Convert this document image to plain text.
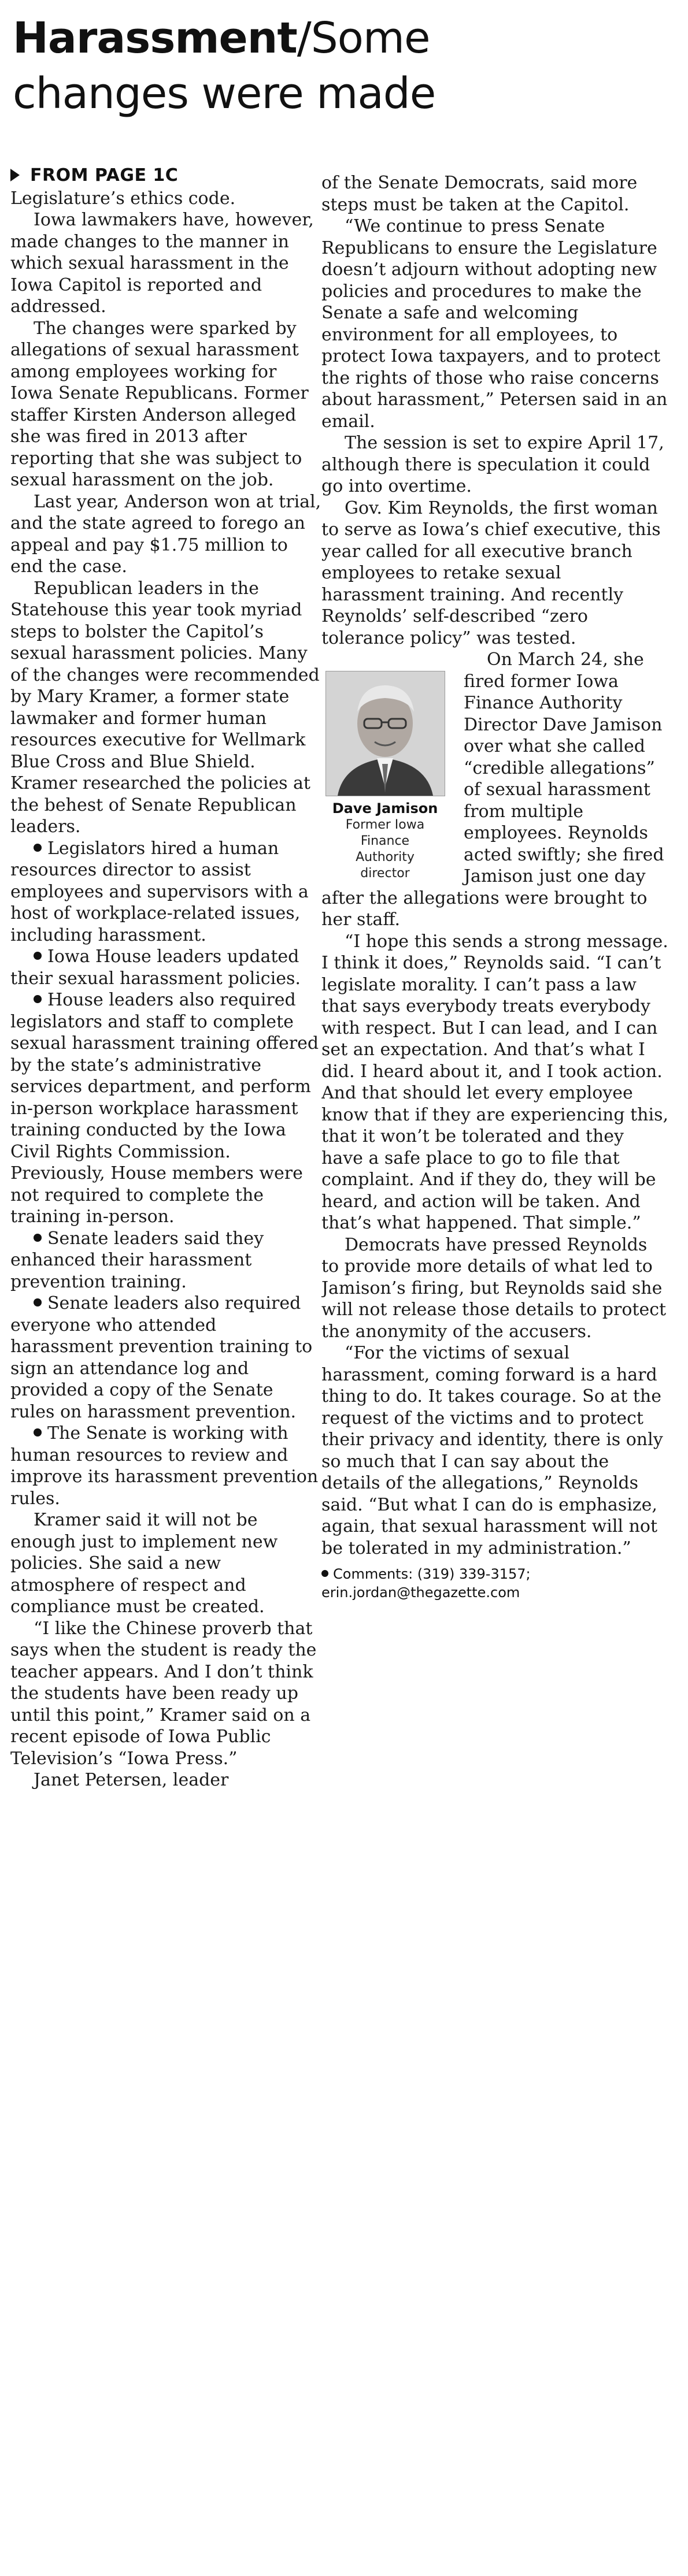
Harassment/Some
changes were made
FROM PAGE 1C

Legislature’s ethics code.

Iowa lawmakers have, however, made changes to the manner in which sexual harassment in the Iowa Capitol is reported and addressed.

The changes were sparked by allegations of sexual harassment among employees working for Iowa Senate Republicans. Former staffer Kirsten Anderson alleged she was fired in 2013 after reporting that she was subject to sexual harassment on the job.

Last year, Anderson won at trial, and the state agreed to forego an appeal and pay $1.75 million to end the case.

Republican leaders in the Statehouse this year took myriad steps to bolster the Capitol’s sexual harassment policies. Many of the changes were recommended by Mary Kramer, a former state lawmaker and former human resources executive for Wellmark Blue Cross and Blue Shield. Kramer researched the policies at the behest of Senate Republican leaders.

Legislators hired a human resources director to assist employees and supervisors with a host of workplace-related issues, including harassment.

Iowa House leaders updated their sexual harassment policies.

House leaders also required legislators and staff to complete sexual harassment training offered by the state’s administrative services department, and perform in-person workplace harassment training conducted by the Iowa Civil Rights Commission. Previously, House members were not required to complete the training in-person.

Senate leaders said they enhanced their harassment prevention training.

Senate leaders also required everyone who attended harassment prevention training to sign an attendance log and provided a copy of the Senate rules on harassment prevention.

The Senate is working with human resources to review and improve its harassment prevention rules.

Kramer said it will not be enough just to implement new policies. She said a new atmosphere of respect and compliance must be created.

“I like the Chinese proverb that says when the student is ready the teacher appears. And I don’t think the students have been ready up until this point,” Kramer said on a recent episode of Iowa Public Television’s “Iowa Press.”

Janet Petersen, leader

of the Senate Democrats, said more steps must be taken at the Capitol.

“We continue to press Senate Republicans to ensure the Legislature doesn’t adjourn without adopting new policies and procedures to make the Senate a safe and welcoming environment for all employees, to protect Iowa taxpayers, and to protect the rights of those who raise concerns about harassment,” Petersen said in an email.

The session is set to expire April 17, although there is speculation it could go into overtime.

Gov. Kim Reynolds, the first woman to serve as Iowa’s chief executive, this year called for all executive branch employees to retake sexual harassment training. And recently Reynolds’ self-described “zero tolerance policy” was tested.

Dave Jamison
Former Iowa
Finance
Authority
director

On March 24, she fired former Iowa Finance Authority Director Dave Jamison over what she called “credible allegations” of sexual harassment from multiple employees. Reynolds acted swiftly; she fired Jamison just one day after the allegations were brought to her staff.

“I hope this sends a strong message. I think it does,” Reynolds said. “I can’t legislate morality. I can’t pass a law that says everybody treats everybody with respect. But I can lead, and I can set an expectation. And that’s what I did. I heard about it, and I took action. And that should let every employee know that if they are experiencing this, that it won’t be tolerated and they have a safe place to go to file that complaint. And if they do, they will be heard, and action will be taken. And that’s what happened. That simple.”

Democrats have pressed Reynolds to provide more details of what led to Jamison’s firing, but Reynolds said she will not release those details to protect the anonymity of the accusers.

“For the victims of sexual harassment, coming forward is a hard thing to do. It takes courage. So at the request of the victims and to protect their privacy and identity, there is only so much that I can say about the details of the allegations,” Reynolds said. “But what I can do is emphasize, again, that sexual harassment will not be tolerated in my administration.”

Comments: (319) 339-3157; erin.jordan@thegazette.com
